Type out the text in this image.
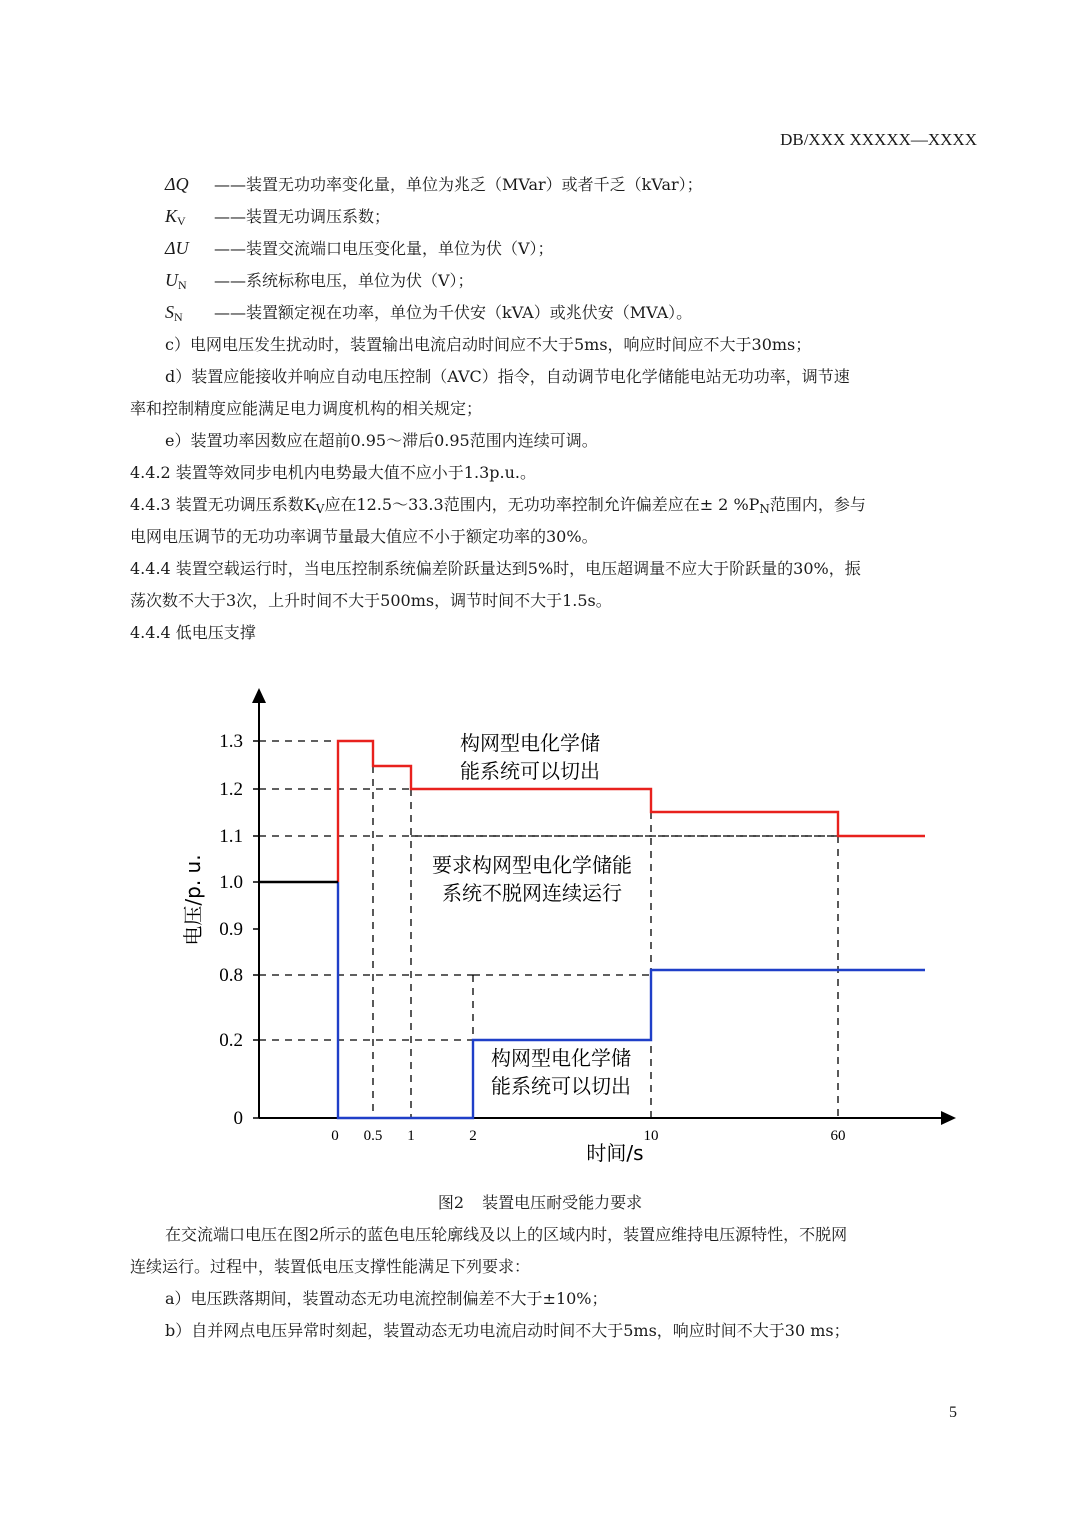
DB/XXX XXXXX—XXXX
ΔQ ——装置无功功率变化量，单位为兆乏（MVar）或者千乏（kVar）；
$K_V$ ——装置无功调压系数；
ΔU ——装置交流端口电压变化量，单位为伏（V）；
$U_N$ ——系统标称电压，单位为伏（V）；
$S_N$ ——装置额定视在功率，单位为千伏安（kVA）或兆伏安（MVA）。
c）电网电压发生扰动时，装置输出电流启动时间应不大于5ms，响应时间应不大于30ms；
d）装置应能接收并响应自动电压控制（AVC）指令，自动调节电化学储能电站无功功率，调节速
率和控制精度应能满足电力调度机构的相关规定；
e）装置功率因数应在超前0.95～滞后0.95范围内连续可调。
4.4.2 装置等效同步电机内电势最大值不应小于1.3p.u.。
4.4.3 装置无功调压系数$K_V$应在12.5～33.3范围内，无功功率控制允许偏差应在± 2 $\%P_N$范围内，参与
电网电压调节的无功功率调节量最大值应不小于额定功率的30%。
4.4.4 装置空载运行时，当电压控制系统偏差阶跃量达到5%时，电压超调量不应大于阶跃量的30%，振
荡次数不大于3次，上升时间不大于500ms，调节时间不大于1.5s。
4.4.4 低电压支撑
0
0.2
0.8
0.9
1.0
1.1
1.2
1.3
0 0.5 1	2	10	60
电压/p. u.
时间/s
构网型电化学储
能系统可以切出
要求构网型电化学储能
系统不脱网连续运行
构网型电化学储
能系统可以切出
图2 装置电压耐受能力要求
在交流端口电压在图2所示的蓝色电压轮廓线及以上的区域内时，装置应维持电压源特性，不脱网
连续运行。过程中，装置低电压支撑性能满足下列要求：
a）电压跌落期间，装置动态无功电流控制偏差不大于±10%；
b）自并网点电压异常时刻起，装置动态无功电流启动时间不大于5ms，响应时间不大于30 ms；
5
